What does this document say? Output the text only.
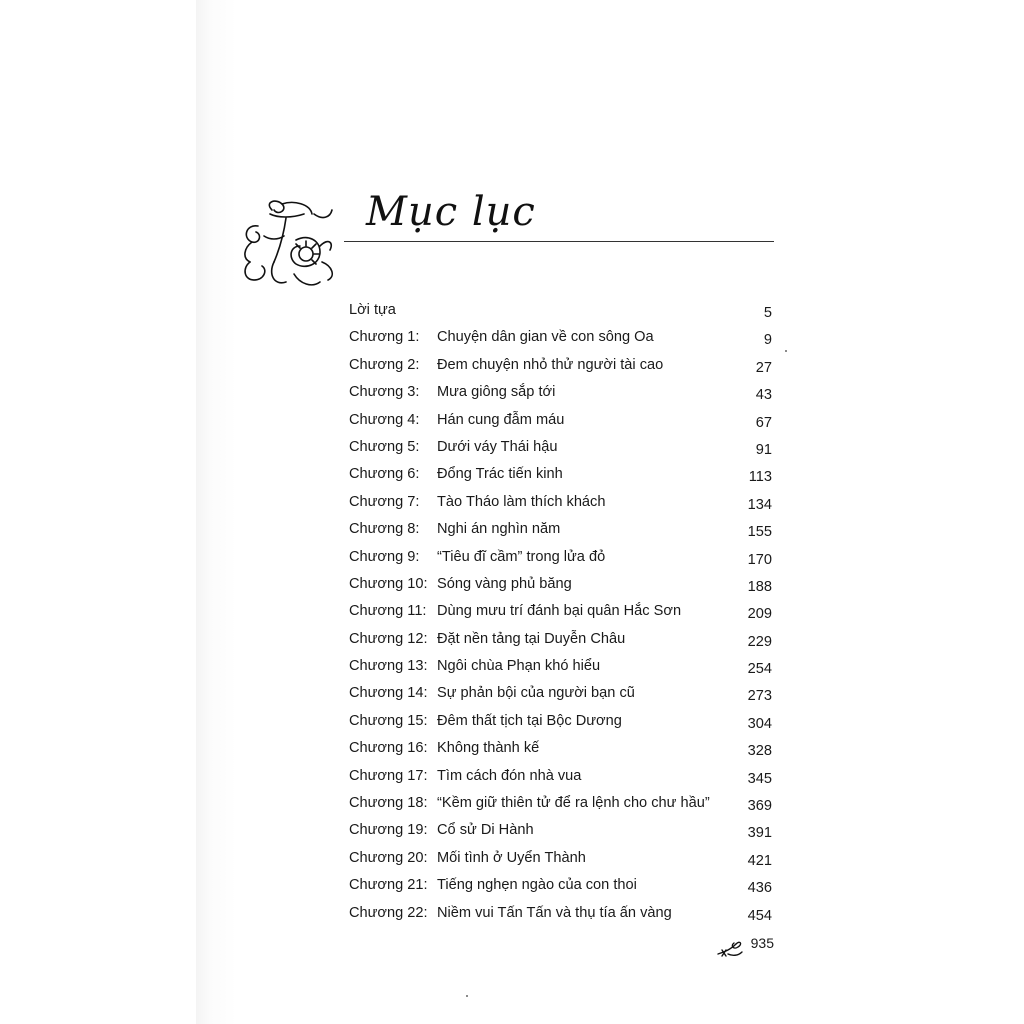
Mục lục
Lời tựa	5
Chương 1: Chuyện dân gian về con sông Oa	9
Chương 2: Đem chuyện nhỏ thử người tài cao	27
Chương 3: Mưa giông sắp tới	43
Chương 4: Hán cung đẫm máu	67
Chương 5: Dưới váy Thái hậu	91
Chương 6: Đổng Trác tiến kinh	113
Chương 7: Tào Tháo làm thích khách	134
Chương 8: Nghi án nghìn năm	155
Chương 9: “Tiêu đĩ cầm” trong lửa đỏ	170
Chương 10: Sóng vàng phủ băng	188
Chương 11: Dùng mưu trí đánh bại quân Hắc Sơn	209
Chương 12: Đặt nền tảng tại Duyễn Châu	229
Chương 13: Ngôi chùa Phạn khó hiểu	254
Chương 14: Sự phản bội của người bạn cũ	273
Chương 15: Đêm thất tịch tại Bộc Dương	304
Chương 16: Không thành kế	328
Chương 17: Tìm cách đón nhà vua	345
Chương 18: “Kềm giữ thiên tử để ra lệnh cho chư hầu”	369
Chương 19: Cổ sử Di Hành	391
Chương 20: Mối tình ở Uyển Thành	421
Chương 21: Tiếng nghẹn ngào của con thoi	436
Chương 22: Niềm vui Tấn Tấn và thụ tía ấn vàng	454
935
